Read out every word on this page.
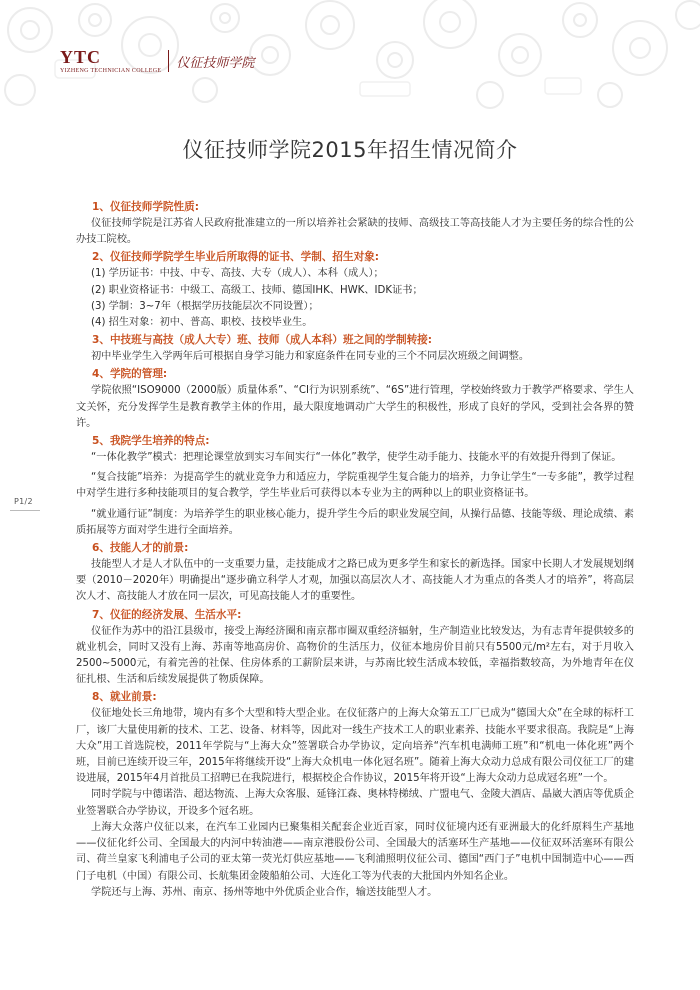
YTC
YIZHENG TECHNICIAN COLLEGE
仪征技师学院
仪征技师学院2015年招生情况简介
P1/2
1、仪征技师学院性质:
仪征技师学院是江苏省人民政府批准建立的一所以培养社会紧缺的技师、高级技工等高技能人才为主要任务的综合性的公办技工院校。
2、仪征技师学院学生毕业后所取得的证书、学制、招生对象:
(1) 学历证书：中技、中专、高技、大专（成人）、本科（成人）；
(2) 职业资格证书：中级工、高级工、技师、德国IHK、HWK、IDK证书；
(3) 学制：3~7年（根据学历技能层次不同设置）；
(4) 招生对象：初中、普高、职校、技校毕业生。
3、中技班与高技（成人大专）班、技师（成人本科）班之间的学制转接:
初中毕业学生入学两年后可根据自身学习能力和家庭条件在同专业的三个不同层次班级之间调整。
4、学院的管理:
学院依照“ISO9000（2000版）质量体系”、“CI行为识别系统”、“6S”进行管理，学校始终致力于教学严格要求、学生人文关怀，充分发挥学生是教育教学主体的作用，最大限度地调动广大学生的积极性，形成了良好的学风，受到社会各界的赞许。
5、我院学生培养的特点:
“一体化教学”模式：把理论课堂放到实习车间实行“一体化”教学，使学生动手能力、技能水平的有效提升得到了保证。
“复合技能”培养：为提高学生的就业竞争力和适应力，学院重视学生复合能力的培养，力争让学生“一专多能”，教学过程中对学生进行多种技能项目的复合教学，学生毕业后可获得以本专业为主的两种以上的职业资格证书。
“就业通行证”制度：为培养学生的职业核心能力，提升学生今后的职业发展空间，从操行品德、技能等级、理论成绩、素质拓展等方面对学生进行全面培养。
6、技能人才的前景:
技能型人才是人才队伍中的一支重要力量，走技能成才之路已成为更多学生和家长的新选择。国家中长期人才发展规划纲要（2010－2020年）明确提出“逐步确立科学人才观，加强以高层次人才、高技能人才为重点的各类人才的培养”，将高层次人才、高技能人才放在同一层次，可见高技能人才的重要性。
7、仪征的经济发展、生活水平:
仪征作为苏中的沿江县级市，接受上海经济圈和南京都市圈双重经济辐射，生产制造业比较发达，为有志青年提供较多的就业机会，同时又没有上海、苏南等地高房价、高物价的生活压力，仪征本地房价目前只有5500元/m²左右，对于月收入2500~5000元，有着完善的社保、住房体系的工薪阶层来讲，与苏南比较生活成本较低，幸福指数较高，为外地青年在仪征扎根、生活和后续发展提供了物质保障。
8、就业前景:
仪征地处长三角地带，境内有多个大型和特大型企业。在仪征落户的上海大众第五工厂已成为“德国大众”在全球的标杆工厂，该厂大量使用新的技术、工艺、设备、材料等，因此对一线生产技术工人的职业素养、技能水平要求很高。我院是“上海大众”用工首选院校，2011年学院与“上海大众”签署联合办学协议，定向培养“汽车机电满师工班”和“机电一体化班”两个班，目前已连续开设三年，2015年将继续开设“上海大众机电一体化冠名班”。随着上海大众动力总成有限公司仪征工厂的建设进展，2015年4月首批员工招聘已在我院进行，根据校企合作协议，2015年将开设“上海大众动力总成冠名班”一个。
同时学院与中德诺浩、超达物流、上海大众客服、延锋江森、奥林特梯绒、广盟电气、金陵大酒店、晶崴大酒店等优质企业签署联合办学协议，开设多个冠名班。
上海大众落户仪征以来，在汽车工业园内已聚集相关配套企业近百家，同时仪征境内还有亚洲最大的化纤原料生产基地——仪征化纤公司、全国最大的内河中转油港——南京港股份公司、全国最大的活塞环生产基地——仪征双环活塞环有限公司、荷兰皇家飞利浦电子公司的亚太第一荧光灯供应基地——飞利浦照明仪征公司、德国“西门子”电机中国制造中心——西门子电机（中国）有限公司、长航集团金陵船舶公司、大连化工等为代表的大批国内外知名企业。
学院还与上海、苏州、南京、扬州等地中外优质企业合作，输送技能型人才。
